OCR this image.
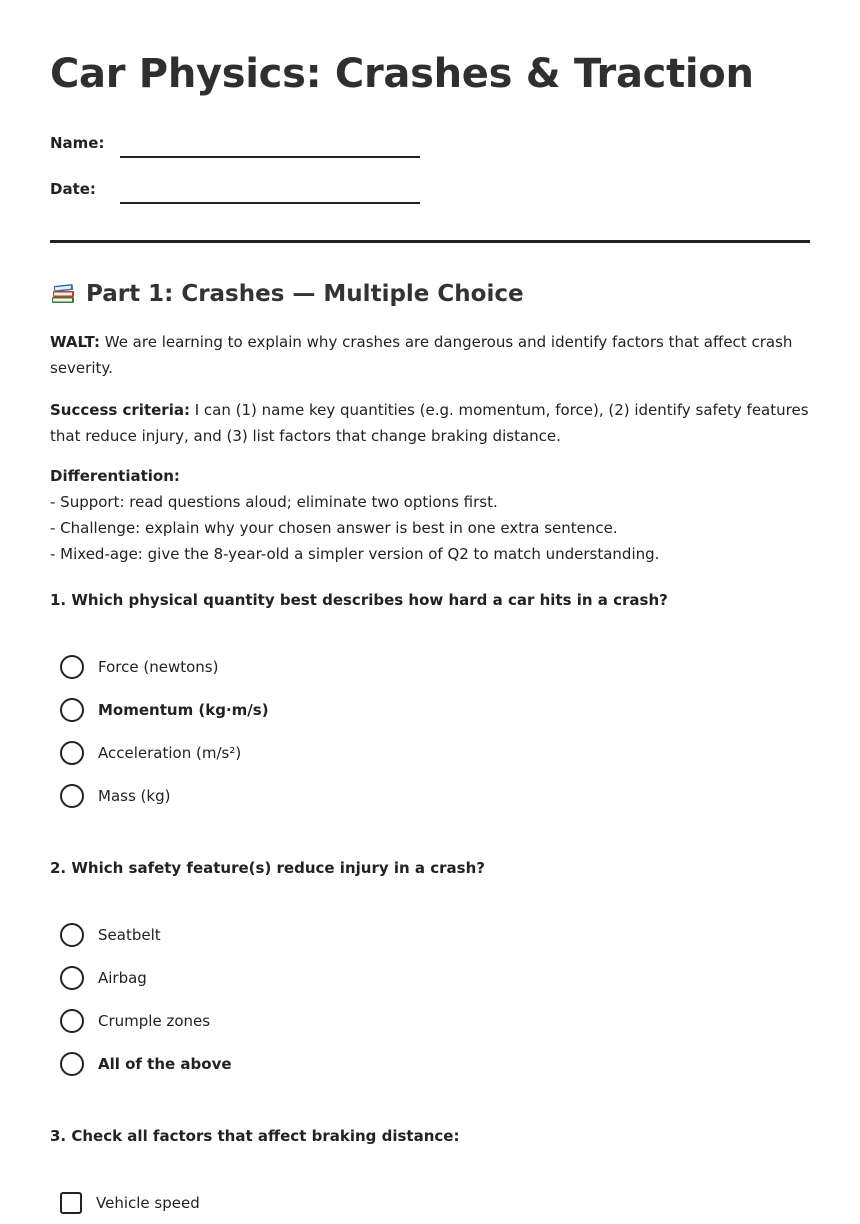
Car Physics: Crashes & Traction
Name:
Date:
Part 1: Crashes — Multiple Choice

WALT: We are learning to explain why crashes are dangerous and identify factors that affect crash severity.

Success criteria: I can (1) name key quantities (e.g. momentum, force), (2) identify safety features that reduce injury, and (3) list factors that change braking distance.

Differentiation:

- Support: read questions aloud; eliminate two options first.

- Challenge: explain why your chosen answer is best in one extra sentence.

- Mixed-age: give the 8-year-old a simpler version of Q2 to match understanding.

1. Which physical quantity best describes how hard a car hits in a crash?

Force (newtons)
Momentum (kg·m/s)
Acceleration (m/s²)
Mass (kg)

2. Which safety feature(s) reduce injury in a crash?

Seatbelt
Airbag
Crumple zones
All of the above

3. Check all factors that affect braking distance:

Vehicle speed
